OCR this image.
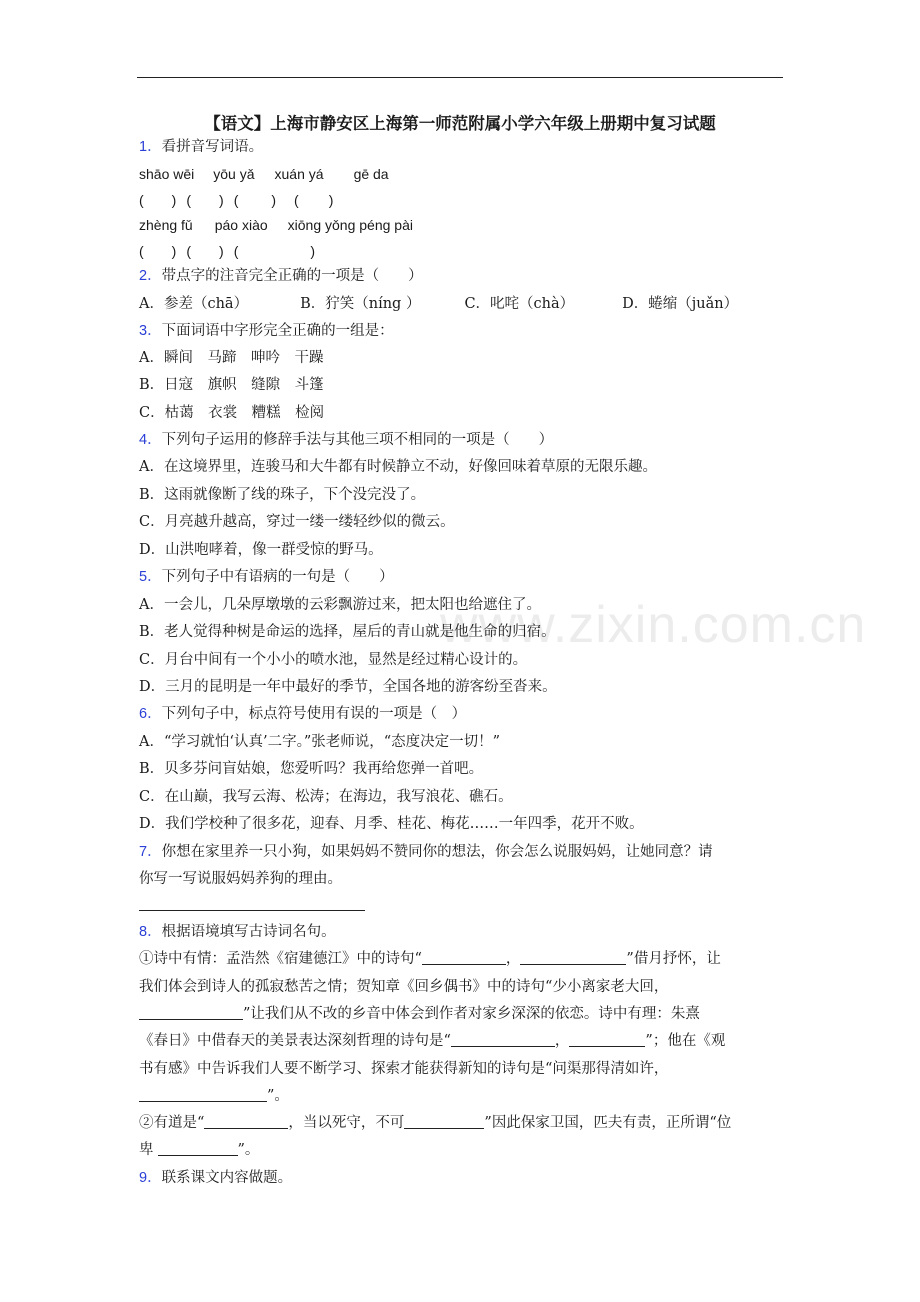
www.zixin.com.cn
【语文】上海市静安区上海第一师范附属小学六年级上册期中复习试题
1．看拼音写词语。
shāo wēi yōu yǎ xuán yá gē da
( ) ( ) ( ) ( )
zhèng fǔ páo xiào xiōng yǒng péng pài
( ) ( ) (	)
2．带点字的注音完全正确的一项是（　　）
A．参差（chā）	B．狞笑（níng ）	C．叱咤（chà）	D．蜷缩（juǎn）
3．下面词语中字形完全正确的一组是：
A．瞬间　马蹄　呻吟　干躁
B．日寇　旗帜　缝隙　斗篷
C．枯蔼　衣裳　糟糕　检阅
4．下列句子运用的修辞手法与其他三项不相同的一项是（　　）
A．在这境界里，连骏马和大牛都有时候静立不动，好像回味着草原的无限乐趣。
B．这雨就像断了线的珠子，下个没完没了。
C．月亮越升越高，穿过一缕一缕轻纱似的微云。
D．山洪咆哮着，像一群受惊的野马。
5．下列句子中有语病的一句是（　　）
A．一会儿，几朵厚墩墩的云彩飘游过来，把太阳也给遮住了。
B．老人觉得种树是命运的选择，屋后的青山就是他生命的归宿。
C．月台中间有一个小小的喷水池，显然是经过精心设计的。
D．三月的昆明是一年中最好的季节，全国各地的游客纷至沓来。
6．下列句子中，标点符号使用有误的一项是（　）
A．“学习就怕‘认真’二字。”张老师说，“态度决定一切！”
B．贝多芬问盲姑娘，您爱听吗？我再给您弹一首吧。
C．在山巅，我写云海、松涛；在海边，我写浪花、礁石。
D．我们学校种了很多花，迎春、月季、桂花、梅花……一年四季，花开不败。
7．你想在家里养一只小狗，如果妈妈不赞同你的想法，你会怎么说服妈妈，让她同意？请
你写一写说服妈妈养狗的理由。
8．根据语境填写古诗词名句。
①诗中有情：孟浩然《宿建德江》中的诗句“	，	”借月抒怀，让
我们体会到诗人的孤寂愁苦之情；贺知章《回乡偶书》中的诗句“少小离家老大回，
”让我们从不改的乡音中体会到作者对家乡深深的依恋。诗中有理：朱熹
《春日》中借春天的美景表达深刻哲理的诗句是“	，	”；他在《观
书有感》中告诉我们人要不断学习、探索才能获得新知的诗句是“问渠那得清如许，
”。
②有道是“	，当以死守，不可	”因此保家卫国，匹夫有责，正所谓“位
卑	”。
9．联系课文内容做题。
